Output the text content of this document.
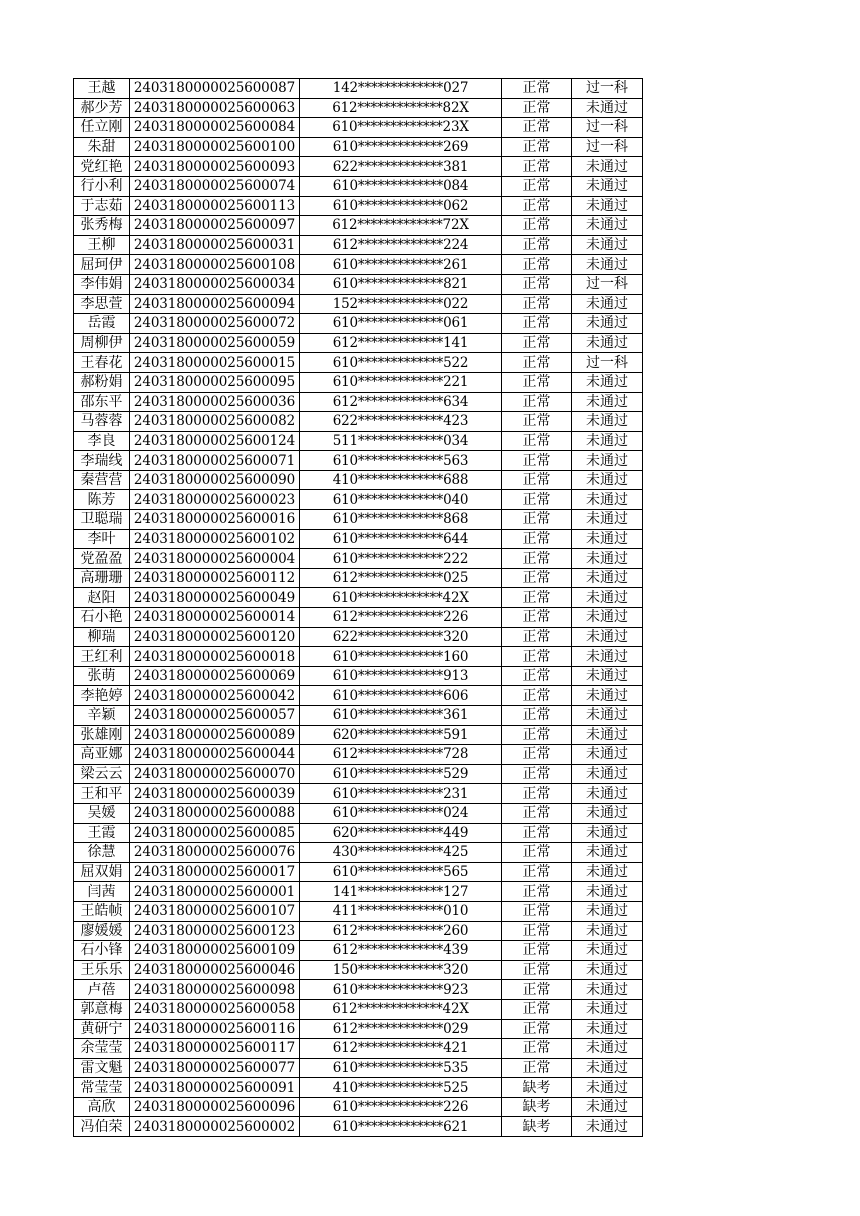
王越	2403180000025600087	142*************027	正常	过一科
郝少芳	2403180000025600063	612*************82X	正常	未通过
任立刚	2403180000025600084	610*************23X	正常	过一科
朱甜	2403180000025600100	610*************269	正常	过一科
党红艳	2403180000025600093	622*************381	正常	未通过
行小利	2403180000025600074	610*************084	正常	未通过
于志茹	2403180000025600113	610*************062	正常	未通过
张秀梅	2403180000025600097	612*************72X	正常	未通过
王柳	2403180000025600031	612*************224	正常	未通过
屈珂伊	2403180000025600108	610*************261	正常	未通过
李伟娟	2403180000025600034	610*************821	正常	过一科
李思萱	2403180000025600094	152*************022	正常	未通过
岳霞	2403180000025600072	610*************061	正常	未通过
周柳伊	2403180000025600059	612*************141	正常	未通过
王春花	2403180000025600015	610*************522	正常	过一科
郝粉娟	2403180000025600095	610*************221	正常	未通过
邵东平	2403180000025600036	612*************634	正常	未通过
马蓉蓉	2403180000025600082	622*************423	正常	未通过
李良	2403180000025600124	511*************034	正常	未通过
李瑞线	2403180000025600071	610*************563	正常	未通过
秦营营	2403180000025600090	410*************688	正常	未通过
陈芳	2403180000025600023	610*************040	正常	未通过
卫聪瑞	2403180000025600016	610*************868	正常	未通过
李叶	2403180000025600102	610*************644	正常	未通过
党盈盈	2403180000025600004	610*************222	正常	未通过
高珊珊	2403180000025600112	612*************025	正常	未通过
赵阳	2403180000025600049	610*************42X	正常	未通过
石小艳	2403180000025600014	612*************226	正常	未通过
柳瑞	2403180000025600120	622*************320	正常	未通过
王红利	2403180000025600018	610*************160	正常	未通过
张萌	2403180000025600069	610*************913	正常	未通过
李艳婷	2403180000025600042	610*************606	正常	未通过
辛颖	2403180000025600057	610*************361	正常	未通过
张雄刚	2403180000025600089	620*************591	正常	未通过
高亚娜	2403180000025600044	612*************728	正常	未通过
梁云云	2403180000025600070	610*************529	正常	未通过
王和平	2403180000025600039	610*************231	正常	未通过
吴媛	2403180000025600088	610*************024	正常	未通过
王霞	2403180000025600085	620*************449	正常	未通过
徐慧	2403180000025600076	430*************425	正常	未通过
屈双娟	2403180000025600017	610*************565	正常	未通过
闫茜	2403180000025600001	141*************127	正常	未通过
王皓帧	2403180000025600107	411*************010	正常	未通过
廖媛媛	2403180000025600123	612*************260	正常	未通过
石小锋	2403180000025600109	612*************439	正常	未通过
王乐乐	2403180000025600046	150*************320	正常	未通过
卢蓓	2403180000025600098	610*************923	正常	未通过
郭意梅	2403180000025600058	612*************42X	正常	未通过
黄研宁	2403180000025600116	612*************029	正常	未通过
余莹莹	2403180000025600117	612*************421	正常	未通过
雷文魁	2403180000025600077	610*************535	正常	未通过
常莹莹	2403180000025600091	410*************525	缺考	未通过
高欣	2403180000025600096	610*************226	缺考	未通过
冯伯荣	2403180000025600002	610*************621	缺考	未通过
